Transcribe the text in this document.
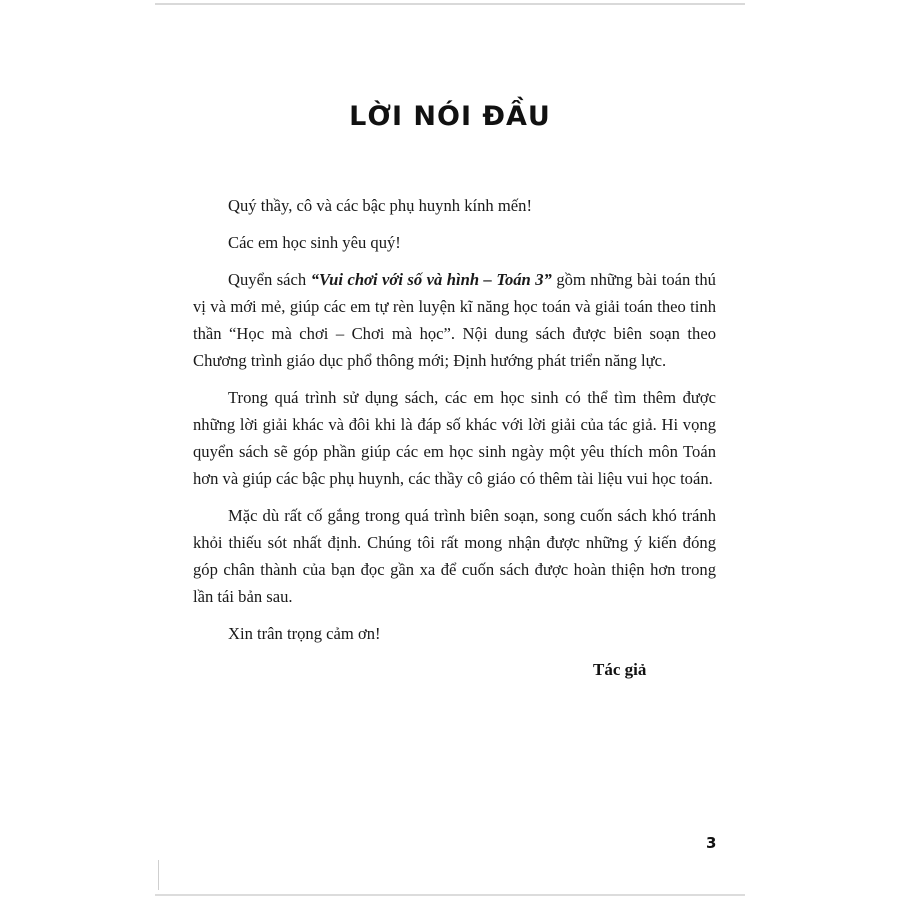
LỜI NÓI ĐẦU

Quý thầy, cô và các bậc phụ huynh kính mến!

Các em học sinh yêu quý!

Quyển sách “Vui chơi với số và hình – Toán 3” gồm những bài toán thú vị và mới mẻ, giúp các em tự rèn luyện kĩ năng học toán và giải toán theo tinh thần “Học mà chơi – Chơi mà học”. Nội dung sách được biên soạn theo Chương trình giáo dục phổ thông mới; Định hướng phát triển năng lực.

Trong quá trình sử dụng sách, các em học sinh có thể tìm thêm được những lời giải khác và đôi khi là đáp số khác với lời giải của tác giả. Hi vọng quyển sách sẽ góp phần giúp các em học sinh ngày một yêu thích môn Toán hơn và giúp các bậc phụ huynh, các thầy cô giáo có thêm tài liệu vui học toán.

Mặc dù rất cố gắng trong quá trình biên soạn, song cuốn sách khó tránh khỏi thiếu sót nhất định. Chúng tôi rất mong nhận được những ý kiến đóng góp chân thành của bạn đọc gần xa để cuốn sách được hoàn thiện hơn trong lần tái bản sau.

Xin trân trọng cảm ơn!

Tác giả
3
